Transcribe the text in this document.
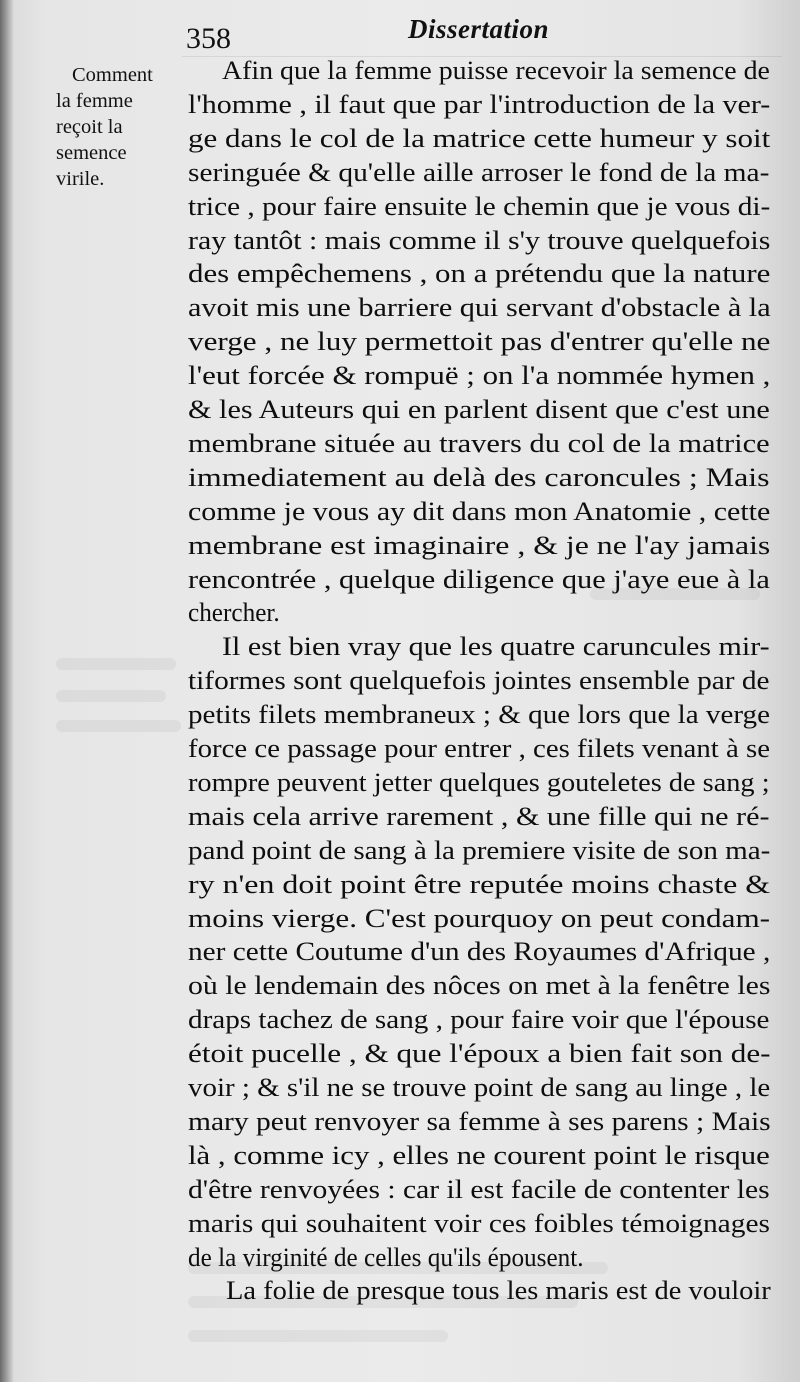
358	Dissertation
Comment
la femme
reçoit la
semence
virile.
Afin que la femme puisse recevoir la semence de
l'homme , il faut que par l'introduction de la ver-
ge dans le col de la matrice cette humeur y soit
seringuée & qu'elle aille arroser le fond de la ma-
trice , pour faire ensuite le chemin que je vous di-
ray tantôt : mais comme il s'y trouve quelquefois
des empêchemens , on a prétendu que la nature
avoit mis une barriere qui servant d'obstacle à la
verge , ne luy permettoit pas d'entrer qu'elle ne
l'eut forcée & rompuë ; on l'a nommée hymen ,
& les Auteurs qui en parlent disent que c'est une
membrane située au travers du col de la matrice
immediatement au delà des caroncules ; Mais
comme je vous ay dit dans mon Anatomie , cette
membrane est imaginaire , & je ne l'ay jamais
rencontrée , quelque diligence que j'aye eue à la
chercher.
Il est bien vray que les quatre caruncules mir-
tiformes sont quelquefois jointes ensemble par de
petits filets membraneux ; & que lors que la verge
force ce passage pour entrer , ces filets venant à se
rompre peuvent jetter quelques gouteletes de sang ;
mais cela arrive rarement , & une fille qui ne ré-
pand point de sang à la premiere visite de son ma-
ry n'en doit point être reputée moins chaste &
moins vierge. C'est pourquoy on peut condam-
ner cette Coutume d'un des Royaumes d'Afrique ,
où le lendemain des nôces on met à la fenêtre les
draps tachez de sang , pour faire voir que l'épouse
étoit pucelle , & que l'époux a bien fait son de-
voir ; & s'il ne se trouve point de sang au linge , le
mary peut renvoyer sa femme à ses parens ; Mais
là , comme icy , elles ne courent point le risque
d'être renvoyées : car il est facile de contenter les
maris qui souhaitent voir ces foibles témoignages
de la virginité de celles qu'ils épousent.
La folie de presque tous les maris est de vouloir
